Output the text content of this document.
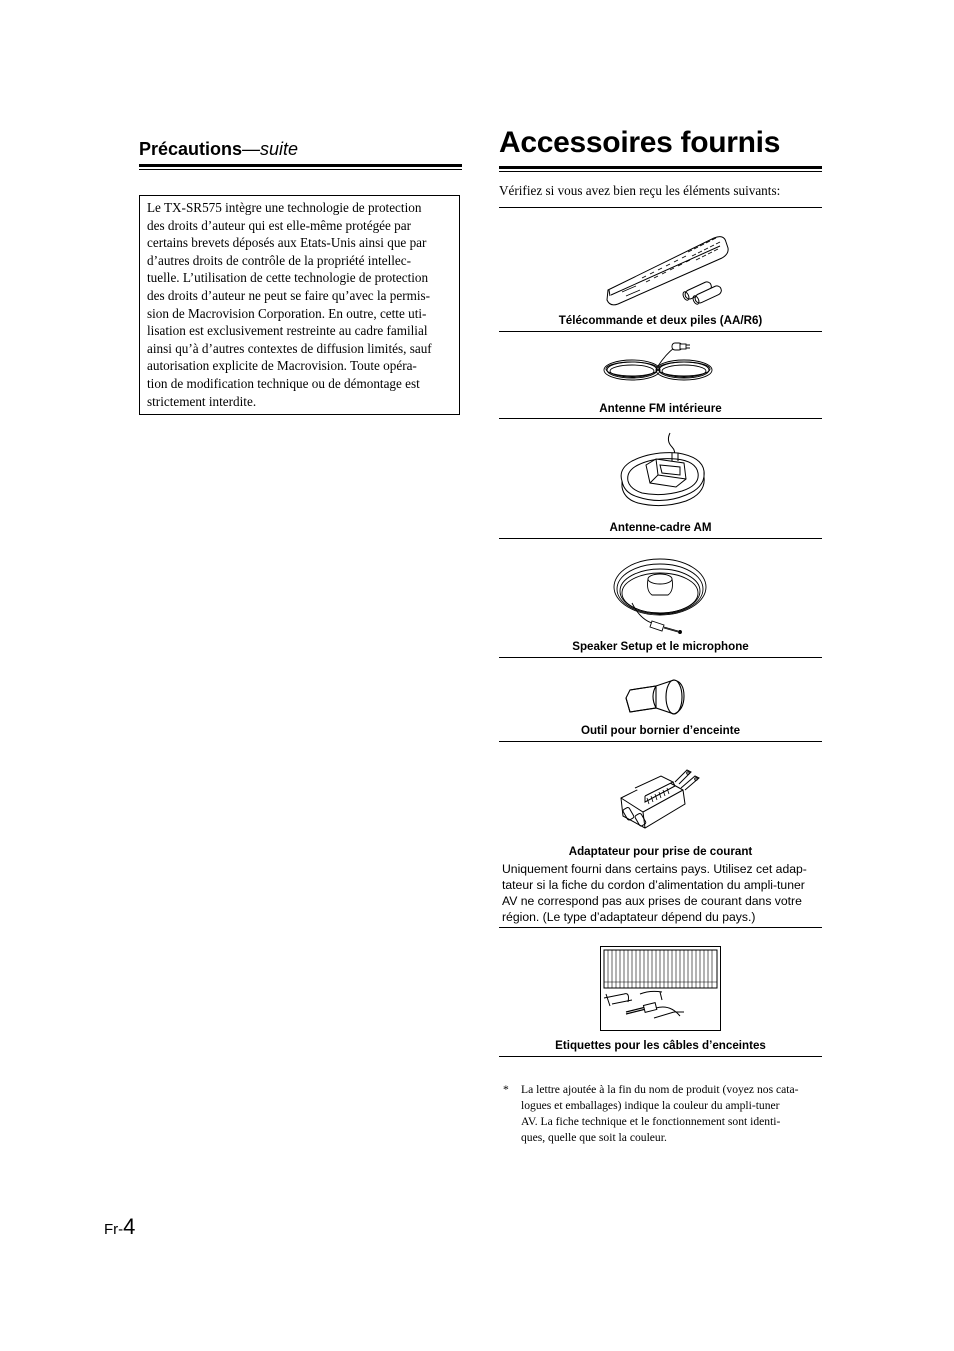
Précautions—suite
Le TX-SR575 intègre une technologie de protection
des droits d’auteur qui est elle-même protégée par
certains brevets déposés aux Etats-Unis ainsi que par
d’autres droits de contrôle de la propriété intellec-
tuelle. L’utilisation de cette technologie de protection
des droits d’auteur ne peut se faire qu’avec la permis-
sion de Macrovision Corporation. En outre, cette uti-
lisation est exclusivement restreinte au cadre familial
ainsi qu’à d’autres contextes de diffusion limités, sauf
autorisation explicite de Macrovision. Toute opéra-
tion de modification technique ou de démontage est
strictement interdite.
Accessoires fournis
Vérifiez si vous avez bien reçu les éléments suivants:
Télécommande et deux piles (AA/R6)
Antenne FM intérieure
Antenne-cadre AM
Speaker Setup et le microphone
Outil pour bornier d’enceinte
Adaptateur pour prise de courant
Uniquement fourni dans certains pays. Utilisez cet adap-
tateur si la fiche du cordon d’alimentation du ampli-tuner
AV ne correspond pas aux prises de courant dans votre
région. (Le type d’adaptateur dépend du pays.)
Etiquettes pour les câbles d’enceintes
* La lettre ajoutée à la fin du nom de produit (voyez nos cata-
logues et emballages) indique la couleur du ampli-tuner
AV. La fiche technique et le fonctionnement sont identi-
ques, quelle que soit la couleur.
Fr-4
